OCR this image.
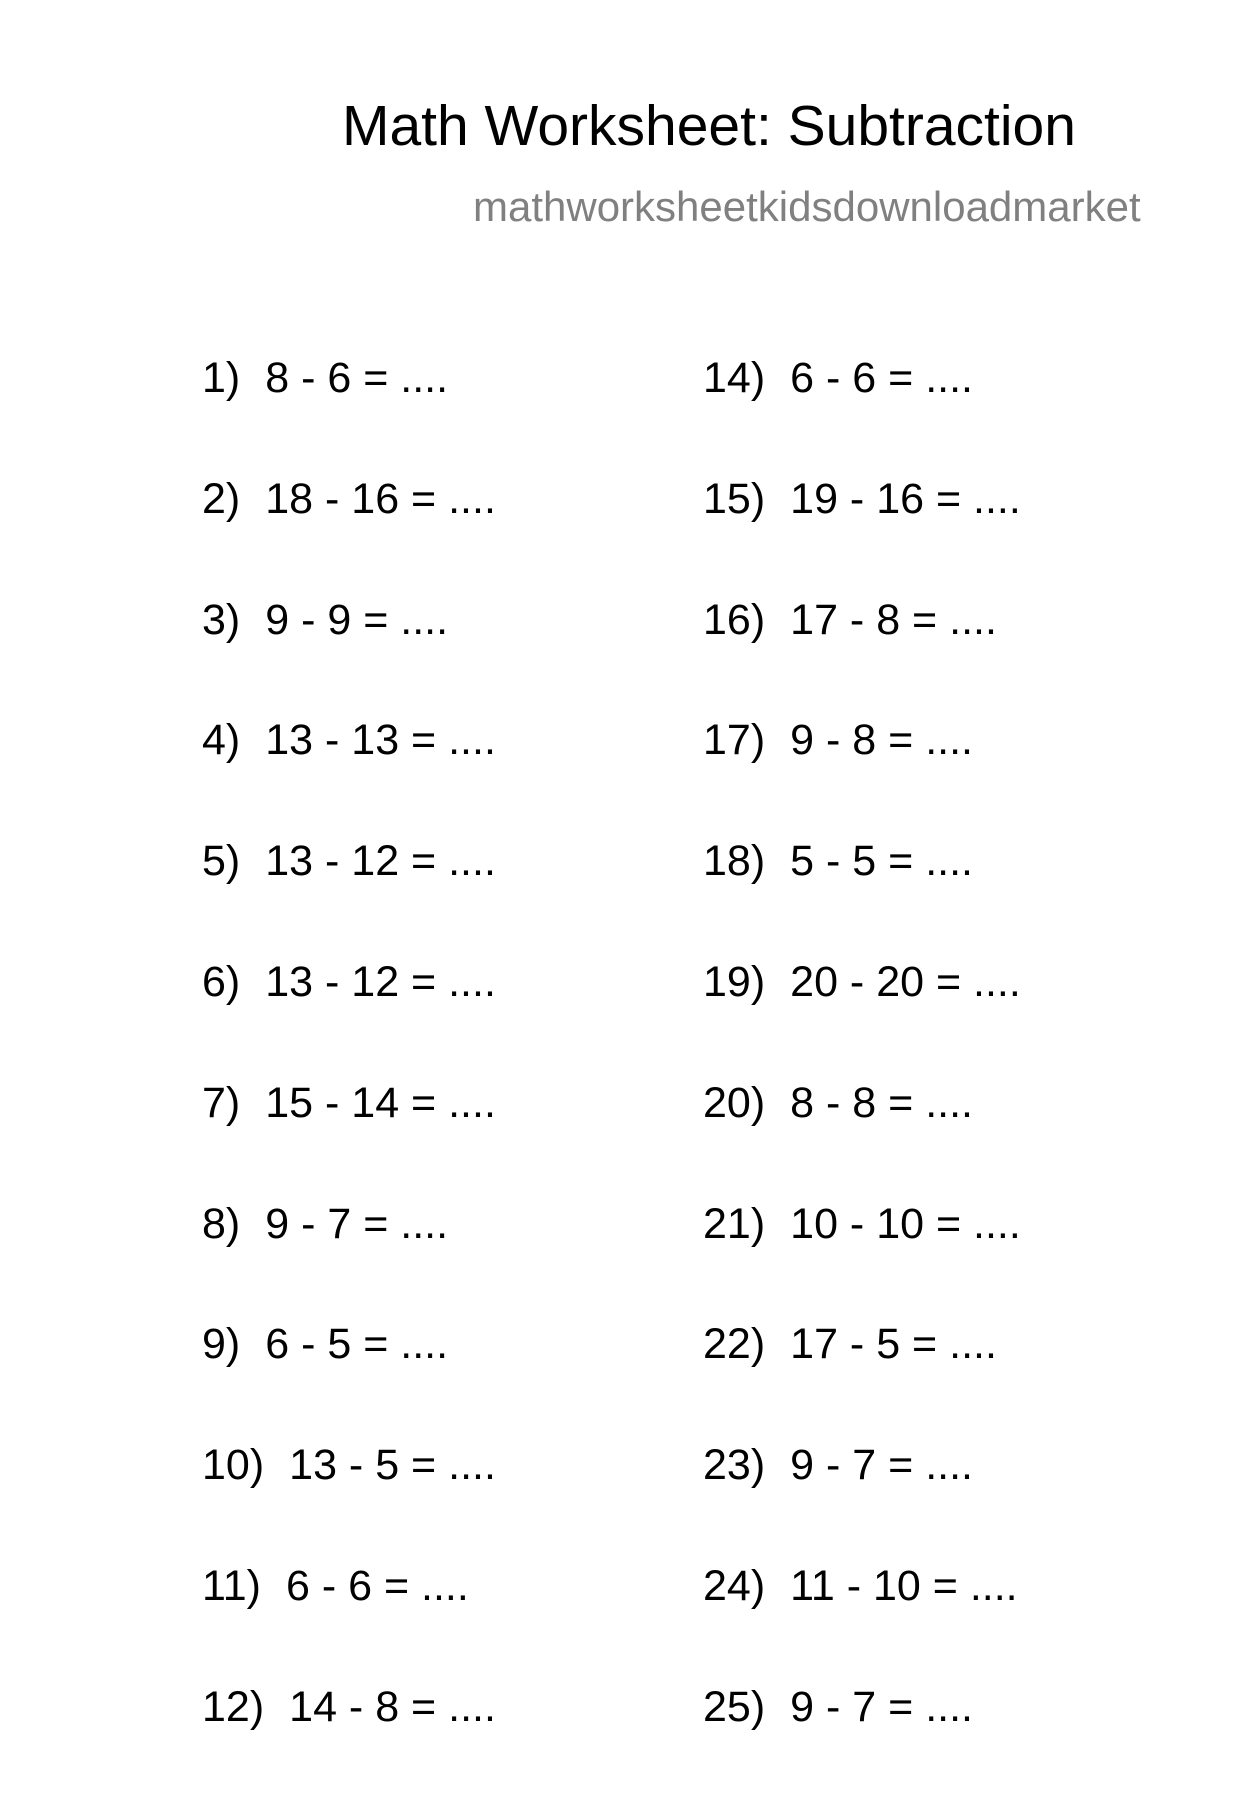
Math Worksheet: Subtraction
mathworksheetkidsdownloadmarket
1) 8 - 6 = ....
2) 18 - 16 = ....
3) 9 - 9 = ....
4) 13 - 13 = ....
5) 13 - 12 = ....
6) 13 - 12 = ....
7) 15 - 14 = ....
8) 9 - 7 = ....
9) 6 - 5 = ....
10) 13 - 5 = ....
11) 6 - 6 = ....
12) 14 - 8 = ....
14) 6 - 6 = ....
15) 19 - 16 = ....
16) 17 - 8 = ....
17) 9 - 8 = ....
18) 5 - 5 = ....
19) 20 - 20 = ....
20) 8 - 8 = ....
21) 10 - 10 = ....
22) 17 - 5 = ....
23) 9 - 7 = ....
24) 11 - 10 = ....
25) 9 - 7 = ....
